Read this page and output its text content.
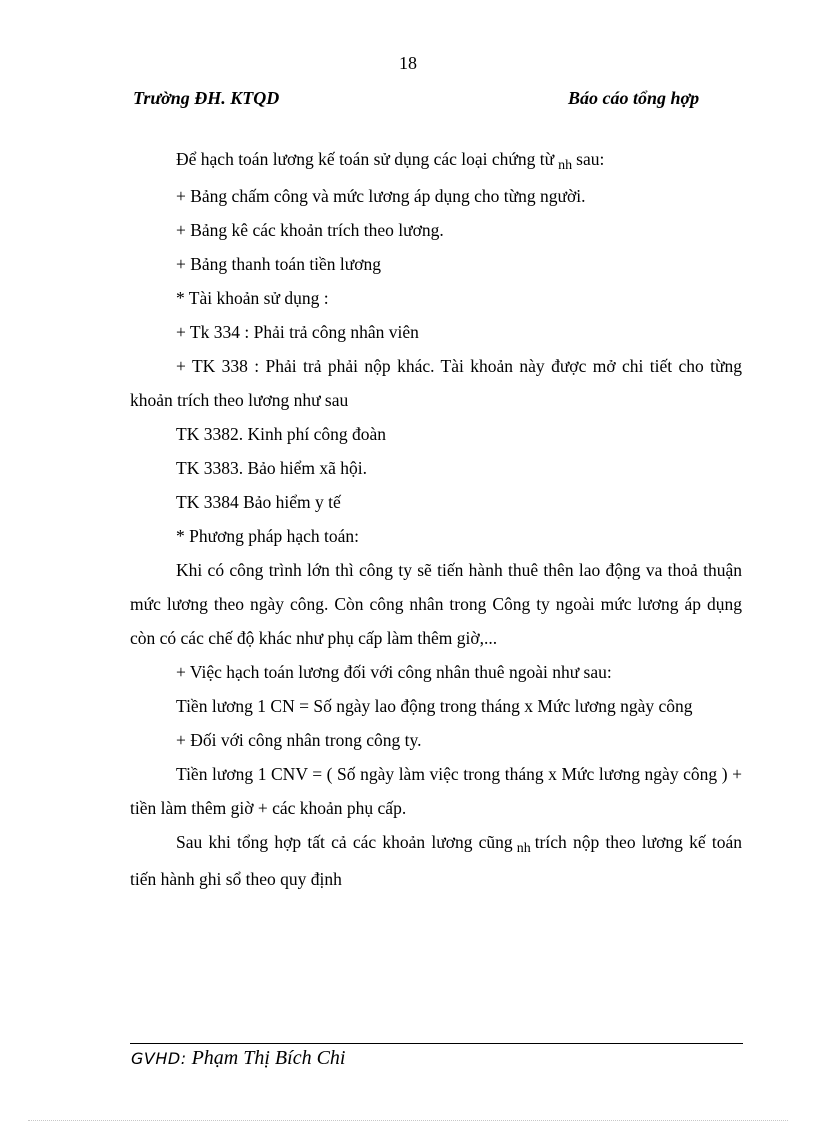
18
Trường ĐH. KTQD	Báo cáo tổng hợp

Để hạch toán lương kế toán sử dụng các loại chứng từ $_{nh}$ sau:

+ Bảng chấm công và mức lương áp dụng cho từng người.

+ Bảng kê các khoản trích theo lương.

+ Bảng thanh toán tiền lương

* Tài khoản sử dụng :

+ Tk 334 : Phải trả công nhân viên

+ TK 338 : Phải trả phải nộp khác. Tài khoản này được mở chi tiết cho từng khoản trích theo lương như sau

TK 3382. Kinh phí công đoàn

TK 3383. Bảo hiểm xã hội.

TK 3384 Bảo hiểm y tế

* Phương pháp hạch toán:

Khi có công trình lớn thì công ty sẽ tiến hành thuê thên lao động va thoả thuận mức lương theo ngày công. Còn công nhân trong Công ty ngoài mức lương áp dụng còn có các chế độ khác như phụ cấp làm thêm giờ,...

+ Việc hạch toán lương đối với công nhân thuê ngoài như sau:

Tiền lương 1 CN = Số ngày lao động trong tháng x Mức lương ngày công

+ Đối với công nhân trong công ty.

Tiền lương 1 CNV = ( Số ngày làm việc trong tháng x Mức lương ngày công ) + tiền làm thêm giờ + các khoản phụ cấp.

Sau khi tổng hợp tất cả các khoản lương cũng $_{nh}$ trích nộp theo lương kế toán tiến hành ghi sổ theo quy định

GVHD: Phạm Thị Bích Chi
